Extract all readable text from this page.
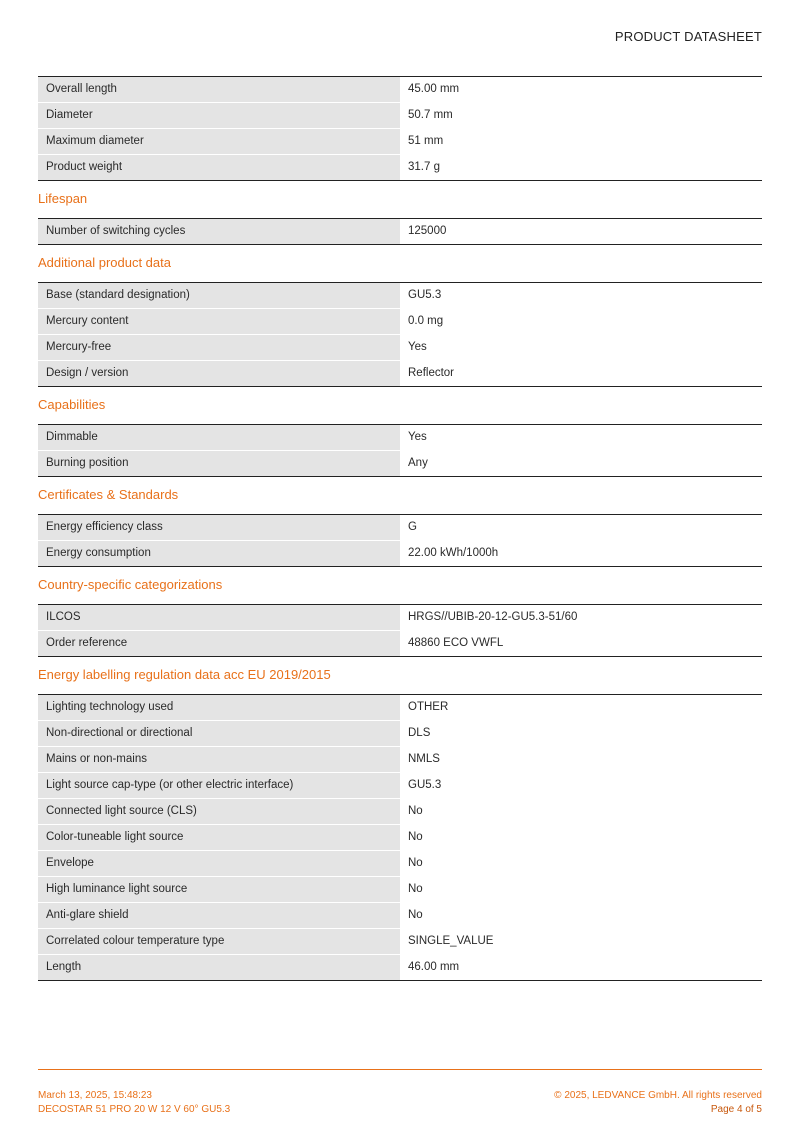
PRODUCT DATASHEET
Overall length	45.00 mm
Diameter	50.7 mm
Maximum diameter	51 mm
Product weight	31.7 g
Lifespan
Number of switching cycles	125000
Additional product data
Base (standard designation)	GU5.3
Mercury content	0.0 mg
Mercury-free	Yes
Design / version	Reflector
Capabilities
Dimmable	Yes
Burning position	Any
Certificates & Standards
Energy efficiency class	G
Energy consumption	22.00 kWh/1000h
Country-specific categorizations
ILCOS	HRGS//UBIB-20-12-GU5.3-51/60
Order reference	48860 ECO VWFL
Energy labelling regulation data acc EU 2019/2015
Lighting technology used	OTHER
Non-directional or directional	DLS
Mains or non-mains	NMLS
Light source cap-type (or other electric interface)	GU5.3
Connected light source (CLS)	No
Color-tuneable light source	No
Envelope	No
High luminance light source	No
Anti-glare shield	No
Correlated colour temperature type	SINGLE_VALUE
Length	46.00 mm
March 13, 2025, 15:48:23
DECOSTAR 51 PRO 20 W 12 V 60° GU5.3
© 2025, LEDVANCE GmbH. All rights reserved
Page 4 of 5
